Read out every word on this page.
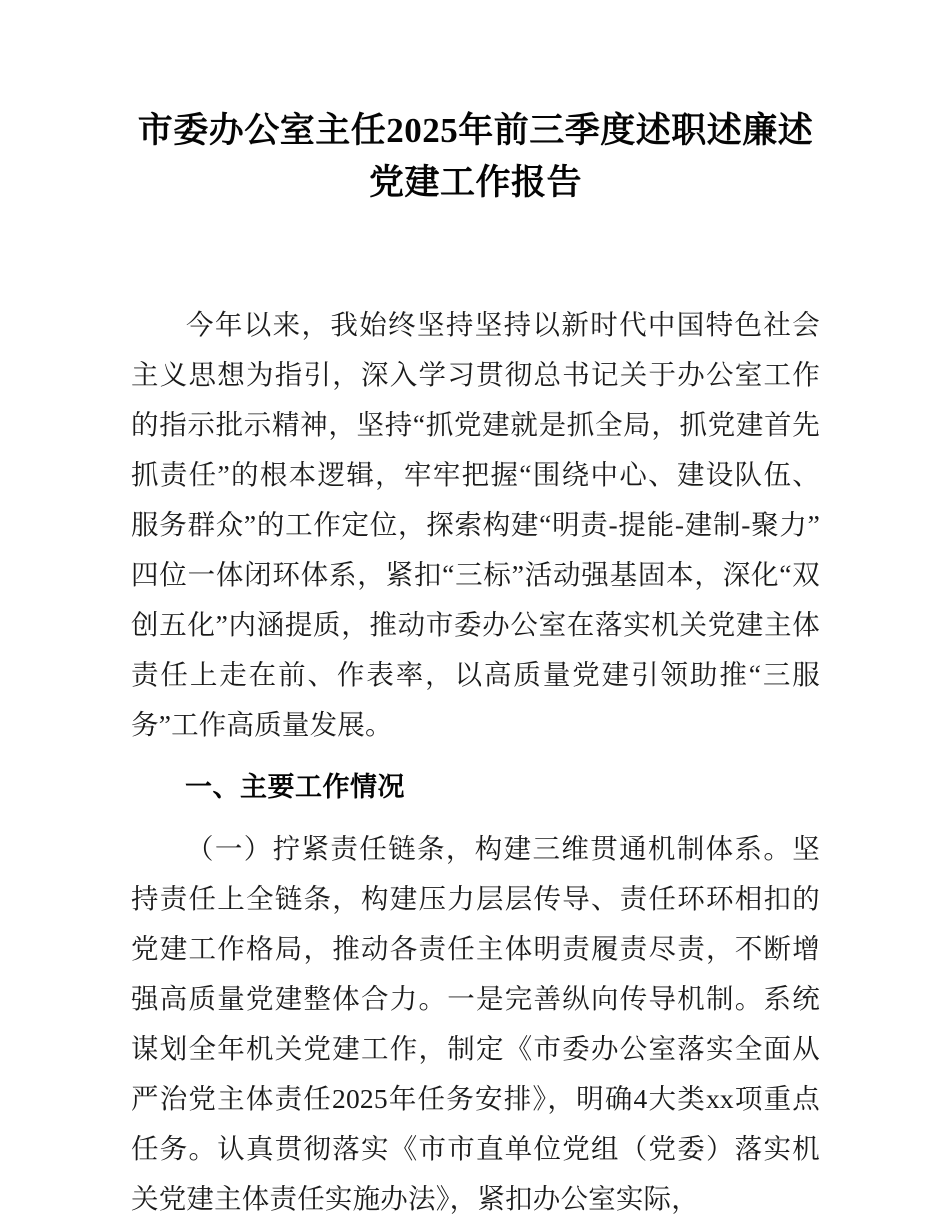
市委办公室主任2025年前三季度述职述廉述
党建工作报告

今年以来，我始终坚持坚持以新时代中国特色社会主义思想为指引，深入学习贯彻总书记关于办公室工作的指示批示精神，坚持“抓党建就是抓全局，抓党建首先抓责任”的根本逻辑，牢牢把握“围绕中心、建设队伍、服务群众”的工作定位，探索构建“明责-提能-建制-聚力”四位一体闭环体系，紧扣“三标”活动强基固本，深化“双创五化”内涵提质，推动市委办公室在落实机关党建主体责任上走在前、作表率，以高质量党建引领助推“三服务”工作高质量发展。

一、主要工作情况

（一）拧紧责任链条，构建三维贯通机制体系。坚持责任上全链条，构建压力层层传导、责任环环相扣的党建工作格局，推动各责任主体明责履责尽责，不断增强高质量党建整体合力。一是完善纵向传导机制。系统谋划全年机关党建工作，制定《市委办公室落实全面从严治党主体责任2025年任务安排》，明确4大类xx项重点任务。认真贯彻落实《市市直单位党组（党委）落实机关党建主体责任实施办法》，紧扣办公室实际，
